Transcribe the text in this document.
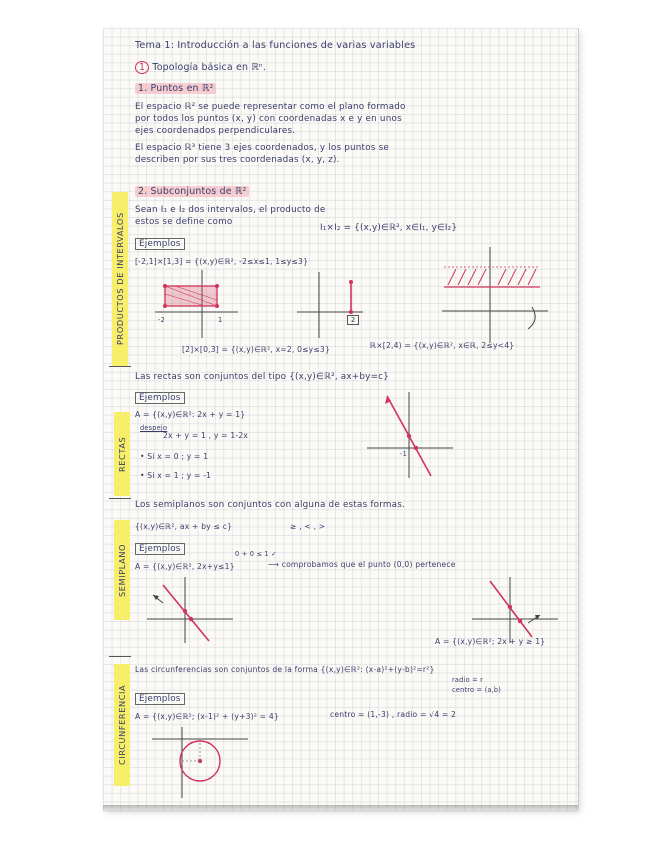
Tema 1: Introducción a las funciones de varias variables
1 Topología básica en ℝⁿ.
1. Puntos en ℝ²
El espacio ℝ² se puede representar como el plano formado
por todos los puntos (x, y) con coordenadas x e y en unos
ejes coordenados perpendiculares.
El espacio ℝ³ tiene 3 ejes coordenados, y los puntos se
describen por sus tres coordenadas (x, y, z).
2. Subconjuntos de ℝ²
Sean I₁ e I₂ dos intervalos, el producto de
estos se define como
I₁×I₂ = {(x,y)∈ℝ², x∈I₁, y∈I₂}
Ejemplos
[-2,1]×[1,3] = {(x,y)∈ℝ², -2≤x≤1, 1≤y≤3}
-2	1	2
[2]×[0,3] = {(x,y)∈ℝ², x=2, 0≤y≤3}	ℝ×[2,4) = {(x,y)∈ℝ², x∈ℝ, 2≤y<4}
PRODUCTOS DE INTERVALOS
Las rectas son conjuntos del tipo {(x,y)∈ℝ², ax+by=c}
Ejemplos
A = {(x,y)∈ℝ²: 2x + y = 1}
despejo
2x + y = 1 , y = 1-2x
• Si x = 0 ; y = 1
• Si x = 1 ; y = -1
-1
RECTAS
Los semiplanos son conjuntos con alguna de estas formas.
{(x,y)∈ℝ², ax + by ≤ c}	≥ , < , >
0 + 0 ≤ 1 ✓
Ejemplos
A = {(x,y)∈ℝ², 2x+y≤1}	⟶ comprobamos que el punto (0,0) pertenece
A = {(x,y)∈ℝ²; 2x + y ≥ 1}
SEMIPLANO
Las circunferencias son conjuntos de la forma {(x,y)∈ℝ²: (x-a)²+(y-b)²=r²}
radio = r
centro = (a,b)
Ejemplos
A = {(x,y)∈ℝ²; (x-1)² + (y+3)² = 4}	centro = (1,-3) , radio = √4 = 2
CIRCUNFERENCIA
